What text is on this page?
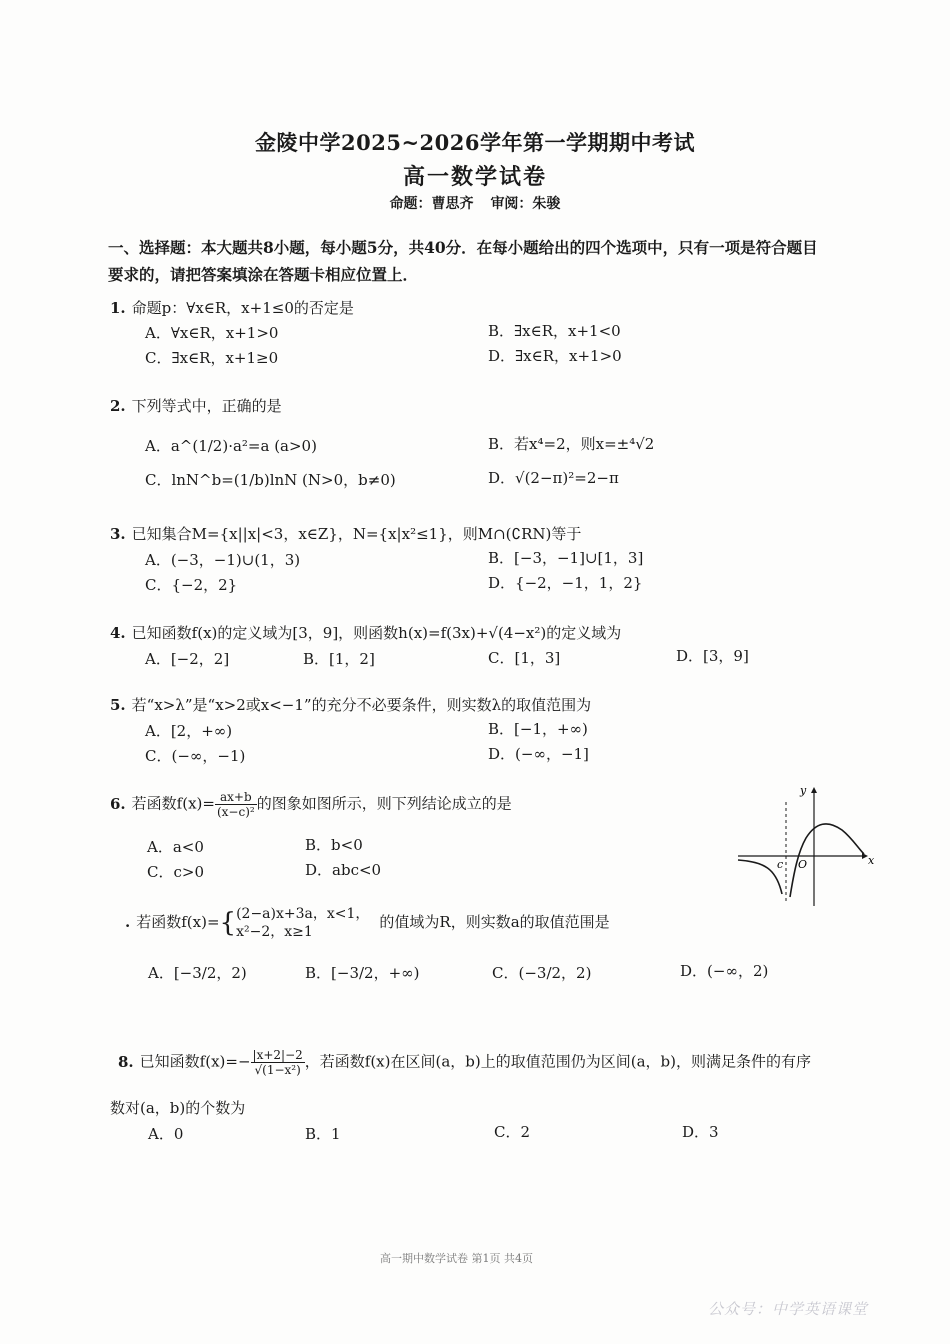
金陵中学2025~2026学年第一学期期中考试
高一数学试卷
命题：曹思齐 审阅：朱骏
一、选择题：本大题共8小题，每小题5分，共40分．在每小题给出的四个选项中，只有一项是符合题目
要求的，请把答案填涂在答题卡相应位置上．
1. 命题p：∀x∈R，x+1≤0的否定是
A．∀x∈R，x+1>0	B．∃x∈R，x+1<0
C．∃x∈R，x+1≥0	D．∃x∈R，x+1>0
2. 下列等式中，正确的是
A．a^(1/2)·a²=a (a>0)	B．若x⁴=2，则x=±⁴√2
C．lnN^b=(1/b)lnN (N>0，b≠0)	D．√(2−π)²=2−π
3. 已知集合M={x||x|<3，x∈Z}，N={x|x²≤1}，则M∩(∁RN)等于
A．(−3，−1)∪(1，3)	B．[−3，−1]∪[1，3]
C．{−2，2}	D．{−2，−1，1，2}
4. 已知函数f(x)的定义域为[3，9]，则函数h(x)=f(3x)+√(4−x²)的定义域为
A．[−2，2]	B．[1，2]	C．[1，3]	D．[3，9]
5. 若“x>λ”是“x>2或x<−1”的充分不必要条件，则实数λ的取值范围为
A．[2，+∞)	B．[−1，+∞)
C．(−∞，−1)	D．(−∞，−1]
6. 若函数$f(x)= \frac{ax+b}{\text{(x−c)²}}$ 的图象如图所示，则下列结论成立的是
A．a<0	B．b<0
C．c>0	D．abc<0
x
y
c O
. 若函数f(x)={ (2−a)x+3a，x<1，
x²−2，x≥1
的值域为R，则实数a的取值范围是
A．[−3/2，2)	B．[−3/2，+∞)	C．(−3/2，2)	D．(−∞，2)
8. 已知函数$f(x)=- \frac{|x+2|-2}{\text{√(1−x²)}}$ ，若函数f(x)在区间(a，b)上的取值范围仍为区间(a，b)，则满足条件的有序
数对(a，b)的个数为
A．0	B．1	C．2	D．3
高一期中数学试卷 第1页 共4页
公众号：中学英语课堂
